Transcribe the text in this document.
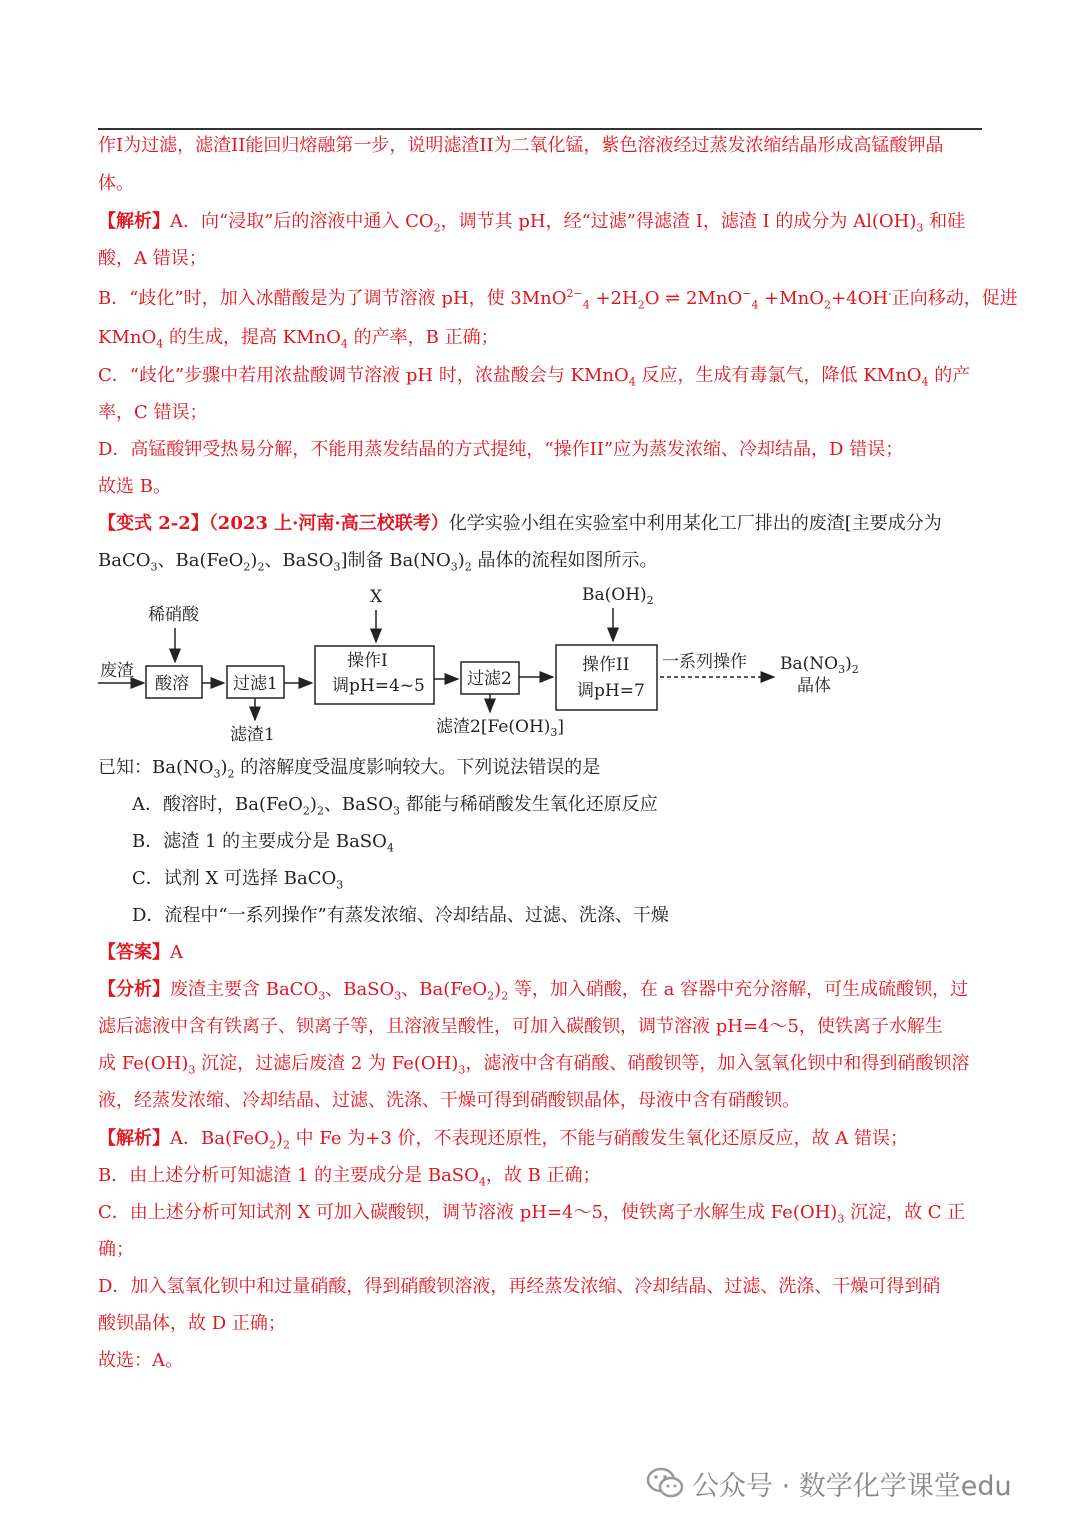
作I为过滤，滤渣II能回归熔融第一步，说明滤渣II为二氧化锰，紫色溶液经过蒸发浓缩结晶形成高锰酸钾晶
体。
【解析】A．向“浸取”后的溶液中通入 $CO_2$，调节其 pH，经“过滤”得滤渣 I，滤渣 I 的成分为 $Al(OH)_3$ 和硅
酸，A 错误；
B．“歧化”时，加入冰醋酸是为了调节溶液 pH，使 $3MnO^{2-}_4 +2H_2O$ ⇌ 2MnO−$_4$ +MnO$_2$+4OH-正向移动，促进
KMnO$_4$ 的生成，提高 KMnO$_4$ 的产率，B 正确；
C．“歧化”步骤中若用浓盐酸调节溶液 pH 时，浓盐酸会与 KMnO$_4$ 反应，生成有毒氯气，降低 KMnO$_4$ 的产
率，C 错误；
D．高锰酸钾受热易分解，不能用蒸发结晶的方式提纯，“操作II”应为蒸发浓缩、冷却结晶，D 错误；
故选 B。
【变式 2-2】（2023 上·河南·高三校联考）化学实验小组在实验室中利用某化工厂排出的废渣[主要成分为
BaCO$_3$、$Ba(FeO_2)_2$、BaSO$_3$]制备 $Ba(NO_3)_2$ 晶体的流程如图所示。
废渣
稀硝酸
酸溶	过滤1
滤渣1
X
操作I
调pH=4~5 过滤2
滤渣$2[Fe(OH)_3]$
$Ba(OH)_2$
操作II
调pH=7
一系列操作 $Ba(NO_3)_2$
晶体
已知：$Ba(NO_3)_2$ 的溶解度受温度影响较大。下列说法错误的是
A．酸溶时，$Ba(FeO_2)_2$、BaSO$_3$ 都能与稀硝酸发生氧化还原反应
B．滤渣 1 的主要成分是 BaSO$_4$
C．试剂 X 可选择 BaCO$_3$
D．流程中“一系列操作”有蒸发浓缩、冷却结晶、过滤、洗涤、干燥
【答案】A
【分析】废渣主要含 BaCO$_3$、BaSO$_3$、$Ba(FeO_2)_2$ 等，加入硝酸，在 a 容器中充分溶解，可生成硫酸钡，过
滤后滤液中含有铁离子、钡离子等，且溶液呈酸性，可加入碳酸钡，调节溶液 pH=4～5，使铁离子水解生
成 $Fe(OH)_3$ 沉淀，过滤后废渣 2 为 $Fe(OH)_3$，滤液中含有硝酸、硝酸钡等，加入氢氧化钡中和得到硝酸钡溶
液，经蒸发浓缩、冷却结晶、过滤、洗涤、干燥可得到硝酸钡晶体，母液中含有硝酸钡。
【解析】A．$Ba(FeO_2)_2$ 中 Fe 为+3 价，不表现还原性，不能与硝酸发生氧化还原反应，故 A 错误；
B．由上述分析可知滤渣 1 的主要成分是 BaSO$_4$，故 B 正确；
C．由上述分析可知试剂 X 可加入碳酸钡，调节溶液 pH=4～5，使铁离子水解生成 $Fe(OH)_3$ 沉淀，故 C 正
确；
D．加入氢氧化钡中和过量硝酸，得到硝酸钡溶液，再经蒸发浓缩、冷却结晶、过滤、洗涤、干燥可得到硝
酸钡晶体，故 D 正确；
故选：A。
公众号 · 数学化学课堂edu
